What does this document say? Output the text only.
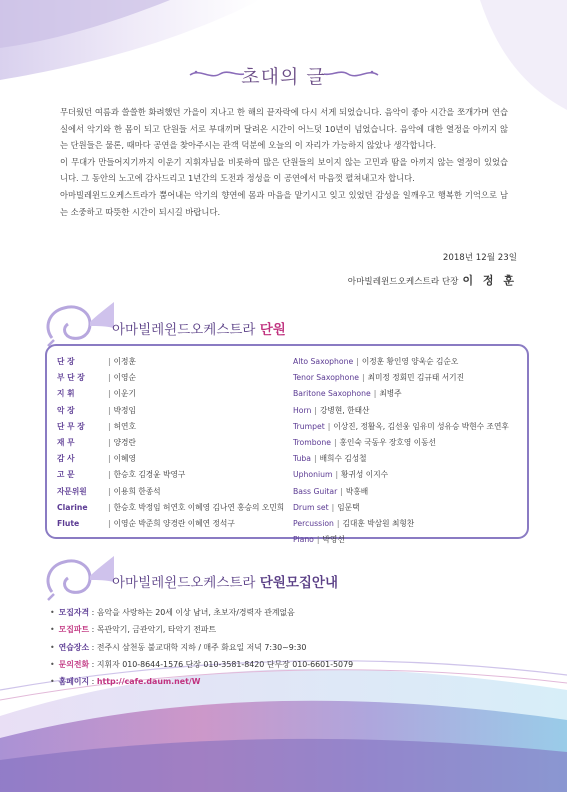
초대의 글

무더웠던 여름과 쓸쓸한 화려했던 가을이 지나고 한 해의 끝자락에 다시 서게 되었습니다. 음악이 좋아 시간을 쪼개가며 연습실에서 악기와 한 몸이 되고 단원들 서로 부대끼며 달려온 시간이 어느덧 10년이 넘었습니다. 음악에 대한 열정을 아끼지 않는 단원들은 물론, 때마다 공연을 찾아주시는 관객 덕분에 오늘의 이 자리가 가능하지 않았나 생각합니다.

이 무대가 만들어지기까지 이운기 지휘자님을 비롯하여 많은 단원들의 보이지 않는 고민과 땀을 아끼지 않는 열정이 있었습니다. 그 동안의 노고에 감사드리고 1년간의 도전과 정성을 이 공연에서 마음껏 펼쳐내고자 합니다.

아마빌레윈드오케스트라가 뿜어내는 악기의 향연에 몸과 마음을 맡기시고 잊고 있었던 감성을 일깨우고 행복한 기억으로 남는 소중하고 따뜻한 시간이 되시길 바랍니다.

2018년 12월 23일
아마빌레윈드오케스트라 단장 이 정 훈
아마빌레윈드오케스트라 단원
단 장	| 이정훈
부 단 장	| 이영순
지 휘	| 이운기
악 장	| 박정임
단 무 장	| 허연호
재 무	| 양경란
감 사	| 이혜영
고 문	| 한승호 김경윤 박영구
자문위원	| 이용희 한종석
Clarine	| 한승호 박정임 허연호 이혜영 김나연 홍승의 오민희
Flute	| 이영순 박준희 양경란 이혜연 정석구
Alto Saxophone | 이정훈 황인영 양욱순 김순오
Tenor Saxophone | 최미정 정회민 김규태 서기진
Baritone Saxophone | 최병주
Horn | 강병현, 한태산
Trumpet | 이상진, 정활옥, 김선웅 임유미 성유승 박현수 조연후
Trombone | 홍인숙 국동우 장호영 이동선
Tuba | 배희수 김성철
Uphonium | 황귀성 이지수
Bass Guitar | 박홍배
Drum set | 임문택
Percussion | 김대훈 박삼원 최형찬
Piano | 박영선
아마빌레윈드오케스트라 단원모집안내
• 모집자격 : 음악을 사랑하는 20세 이상 남녀, 초보자/경력자 관계없음
• 모집파트 : 목관악기, 금관악기, 타악기 전파트
• 연습장소 : 전주시 삼천동 불교대학 지하 / 매주 화요일 저녁 7:30~9:30
• 문의전화 : 지휘자 010-8644-1576 단장 010-3581-8420 단무장 010-6601-5079
• 홈페이지 : http://cafe.daum.net/W
